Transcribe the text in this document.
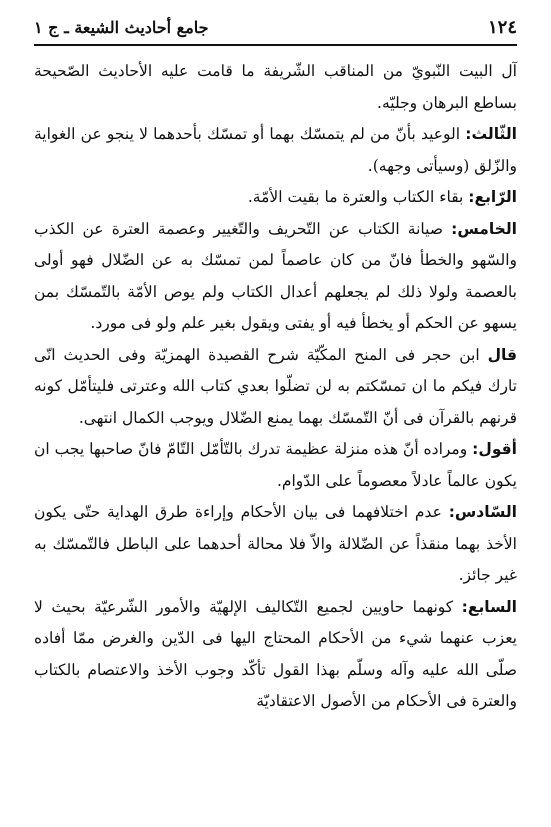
١٢٤
جامع أحاديث الشيعة ـ ج ١

آل البيت النّبويّ من المناقب الشّريفة ما قامت عليه الأحاديث الصّحيحة بساطع البرهان وجليّه.

الثّالث: الوعيد بأنّ من لم يتمسّك بهما أو تمسّك بأحدهما لا ينجو عن الغواية والزّلق (وسيأتى وجهه).

الرّابع: بقاء الكتاب والعترة ما بقيت الأمّة.

الخامس: صيانة الكتاب عن التّحريف والتّغيير وعصمة العترة عن الكذب والسّهو والخطأ فانّ من كان عاصماً لمن تمسّك به عن الضّلال فهو أولى بالعصمة ولولا ذلك لم يجعلهم أعدال الكتاب ولم يوص الأمّة بالتّمسّك بمن يسهو عن الحكم أو يخطأ فيه أو يفتى ويقول بغير علم ولو فى مورد.

قال ابن حجر فى المنح المكّيّة شرح القصيدة الهمزيّة وفى الحديث انّى تارك فيكم ما ان تمسّكتم به لن تضلّوا بعدي كتاب الله وعترتى فليتأمّل كونه قرنهم بالقرآن فى أنّ التّمسّك بهما يمنع الضّلال ويوجب الكمال انتهى.

أقول: ومراده أنّ هذه منزلة عظيمة تدرك بالتّأمّل التّامّ فانّ صاحبها يجب ان يكون عالماً عادلاً معصوماً على الدّوام.

السّادس: عدم اختلافهما فى بيان الأحكام وإراءة طرق الهداية حتّى يكون الأخذ بهما منقذاً عن الضّلالة والاّ فلا محالة أحدهما على الباطل فالتّمسّك به غير جائز.

السابع: كونهما حاويين لجميع التّكاليف الإلهيّة والأمور الشّرعيّة بحيث لا يعزب عنهما شيء من الأحكام المحتاج اليها فى الدّين والغرض ممّا أفاده صلّى الله عليه وآله وسلّم بهذا القول تأكّد وجوب الأخذ والاعتصام بالكتاب والعترة فى الأحكام من الأصول الاعتقاديّة
